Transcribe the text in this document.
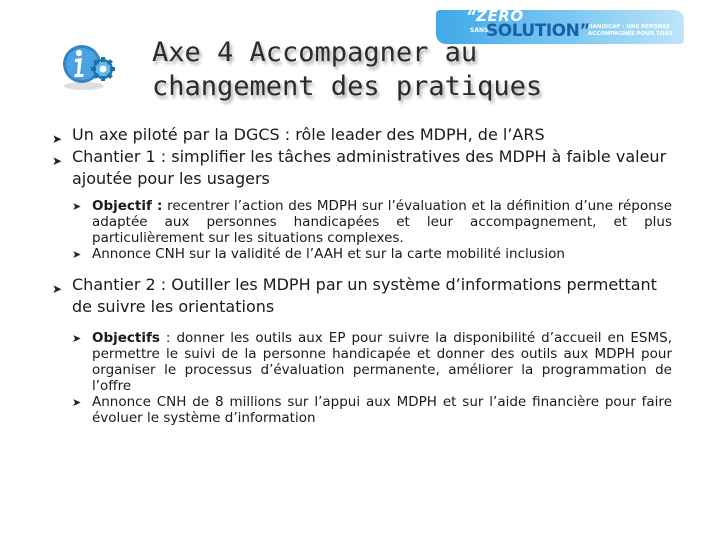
“ZÉRO
SANS
SOLUTION”
HANDICAP : UNE RÉPONSE ACCOMPAGNÉE POUR TOUS
Axe 4 Accompagner au
changement des pratiques
➤ Un axe piloté par la DGCS : rôle leader des MDPH, de l’ARS
➤ Chantier 1 : simplifier les tâches administratives des MDPH à faible valeur ajoutée pour les usagers
➤ Objectif : recentrer l’action des MDPH sur l’évaluation et la définition d’une réponse adaptée aux personnes handicapées et leur accompagnement, et plus particulièrement sur les situations complexes.
➤ Annonce CNH sur la validité de l’AAH et sur la carte mobilité inclusion
➤ Chantier 2 : Outiller les MDPH par un système d’informations permettant de suivre les orientations
➤ Objectifs : donner les outils aux EP pour suivre la disponibilité d’accueil en ESMS, permettre le suivi de la personne handicapée et donner des outils aux MDPH pour organiser le processus d’évaluation permanente, améliorer la programmation de l’offre
➤ Annonce CNH de 8 millions sur l’appui aux MDPH et sur l’aide financière pour faire évoluer le système d’information
